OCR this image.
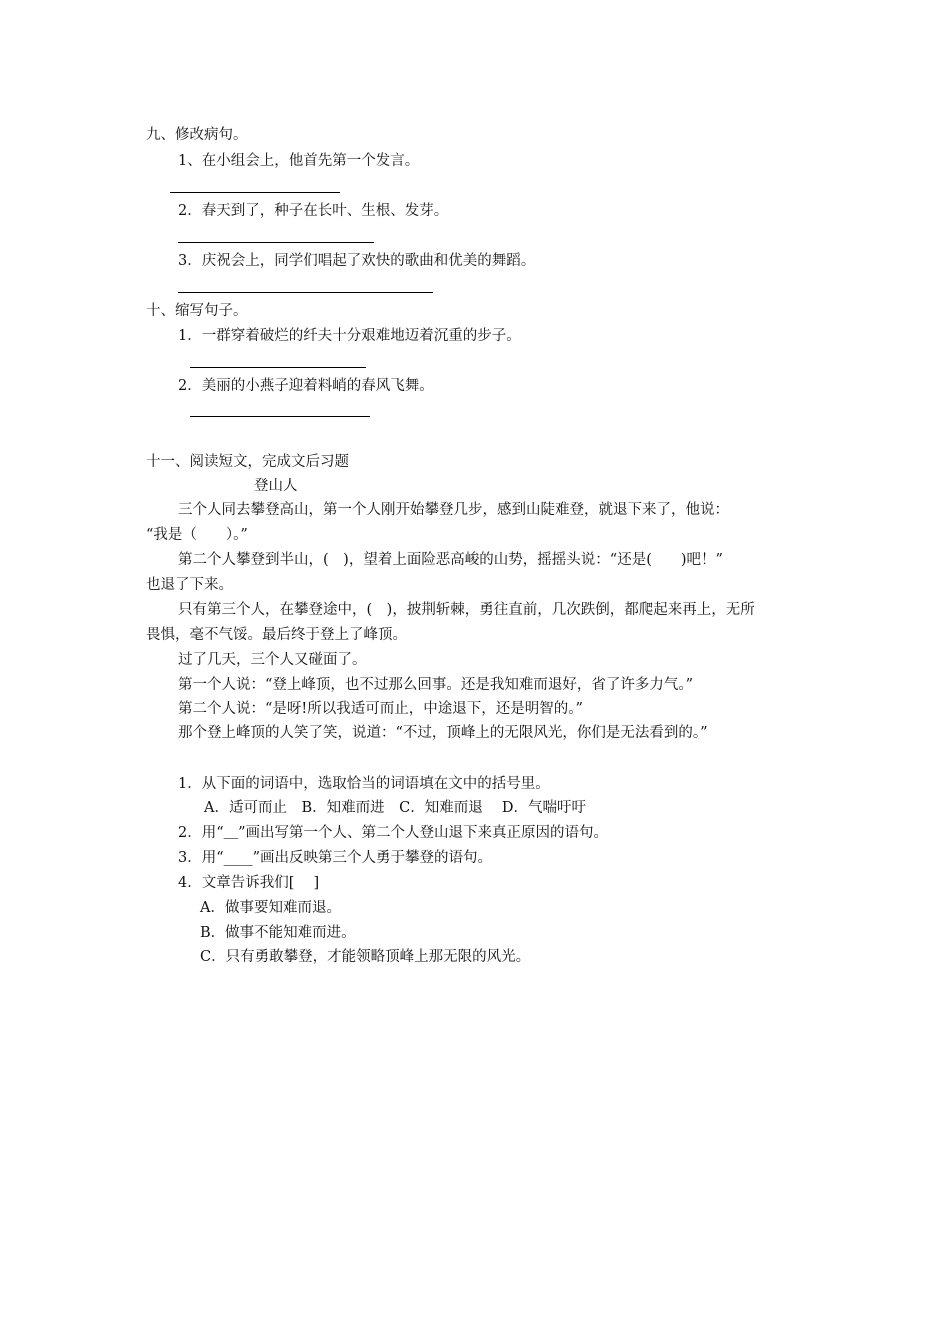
九、修改病句。
1、在小组会上，他首先第一个发言。
2．春天到了，种子在长叶、生根、发芽。
3．庆祝会上，同学们唱起了欢快的歌曲和优美的舞蹈。
十、缩写句子。
1．一群穿着破烂的纤夫十分艰难地迈着沉重的步子。
2．美丽的小燕子迎着料峭的春风飞舞。
十一、阅读短文，完成文后习题
登山人
三个人同去攀登高山，第一个人刚开始攀登几步，感到山陡难登，就退下来了，他说：
“我是（　　）。”
第二个人攀登到半山，(　)，望着上面险恶高峻的山势，摇摇头说：“还是(　　)吧！”
也退了下来。
只有第三个人，在攀登途中，(　)，披荆斩棘，勇往直前，几次跌倒，都爬起来再上，无所
畏惧，毫不气馁。最后终于登上了峰顶。
过了几天，三个人又碰面了。
第一个人说：“登上峰顶，也不过那么回事。还是我知难而退好，省了许多力气。”
第二个人说：“是呀!所以我适可而止，中途退下，还是明智的。”
那个登上峰顶的人笑了笑，说道：“不过，顶峰上的无限风光，你们是无法看到的。”
1．从下面的词语中，选取恰当的词语填在文中的括号里。
A．适可而止　B．知难而进　C．知难而退　 D．气喘吁吁
2．用“＿”画出写第一个人、第二个人登山退下来真正原因的语句。
3．用“____”画出反映第三个人勇于攀登的语句。
4．文章告诉我们[　 ]
A．做事要知难而退。
B．做事不能知难而进。
C．只有勇敢攀登，才能领略顶峰上那无限的风光。
